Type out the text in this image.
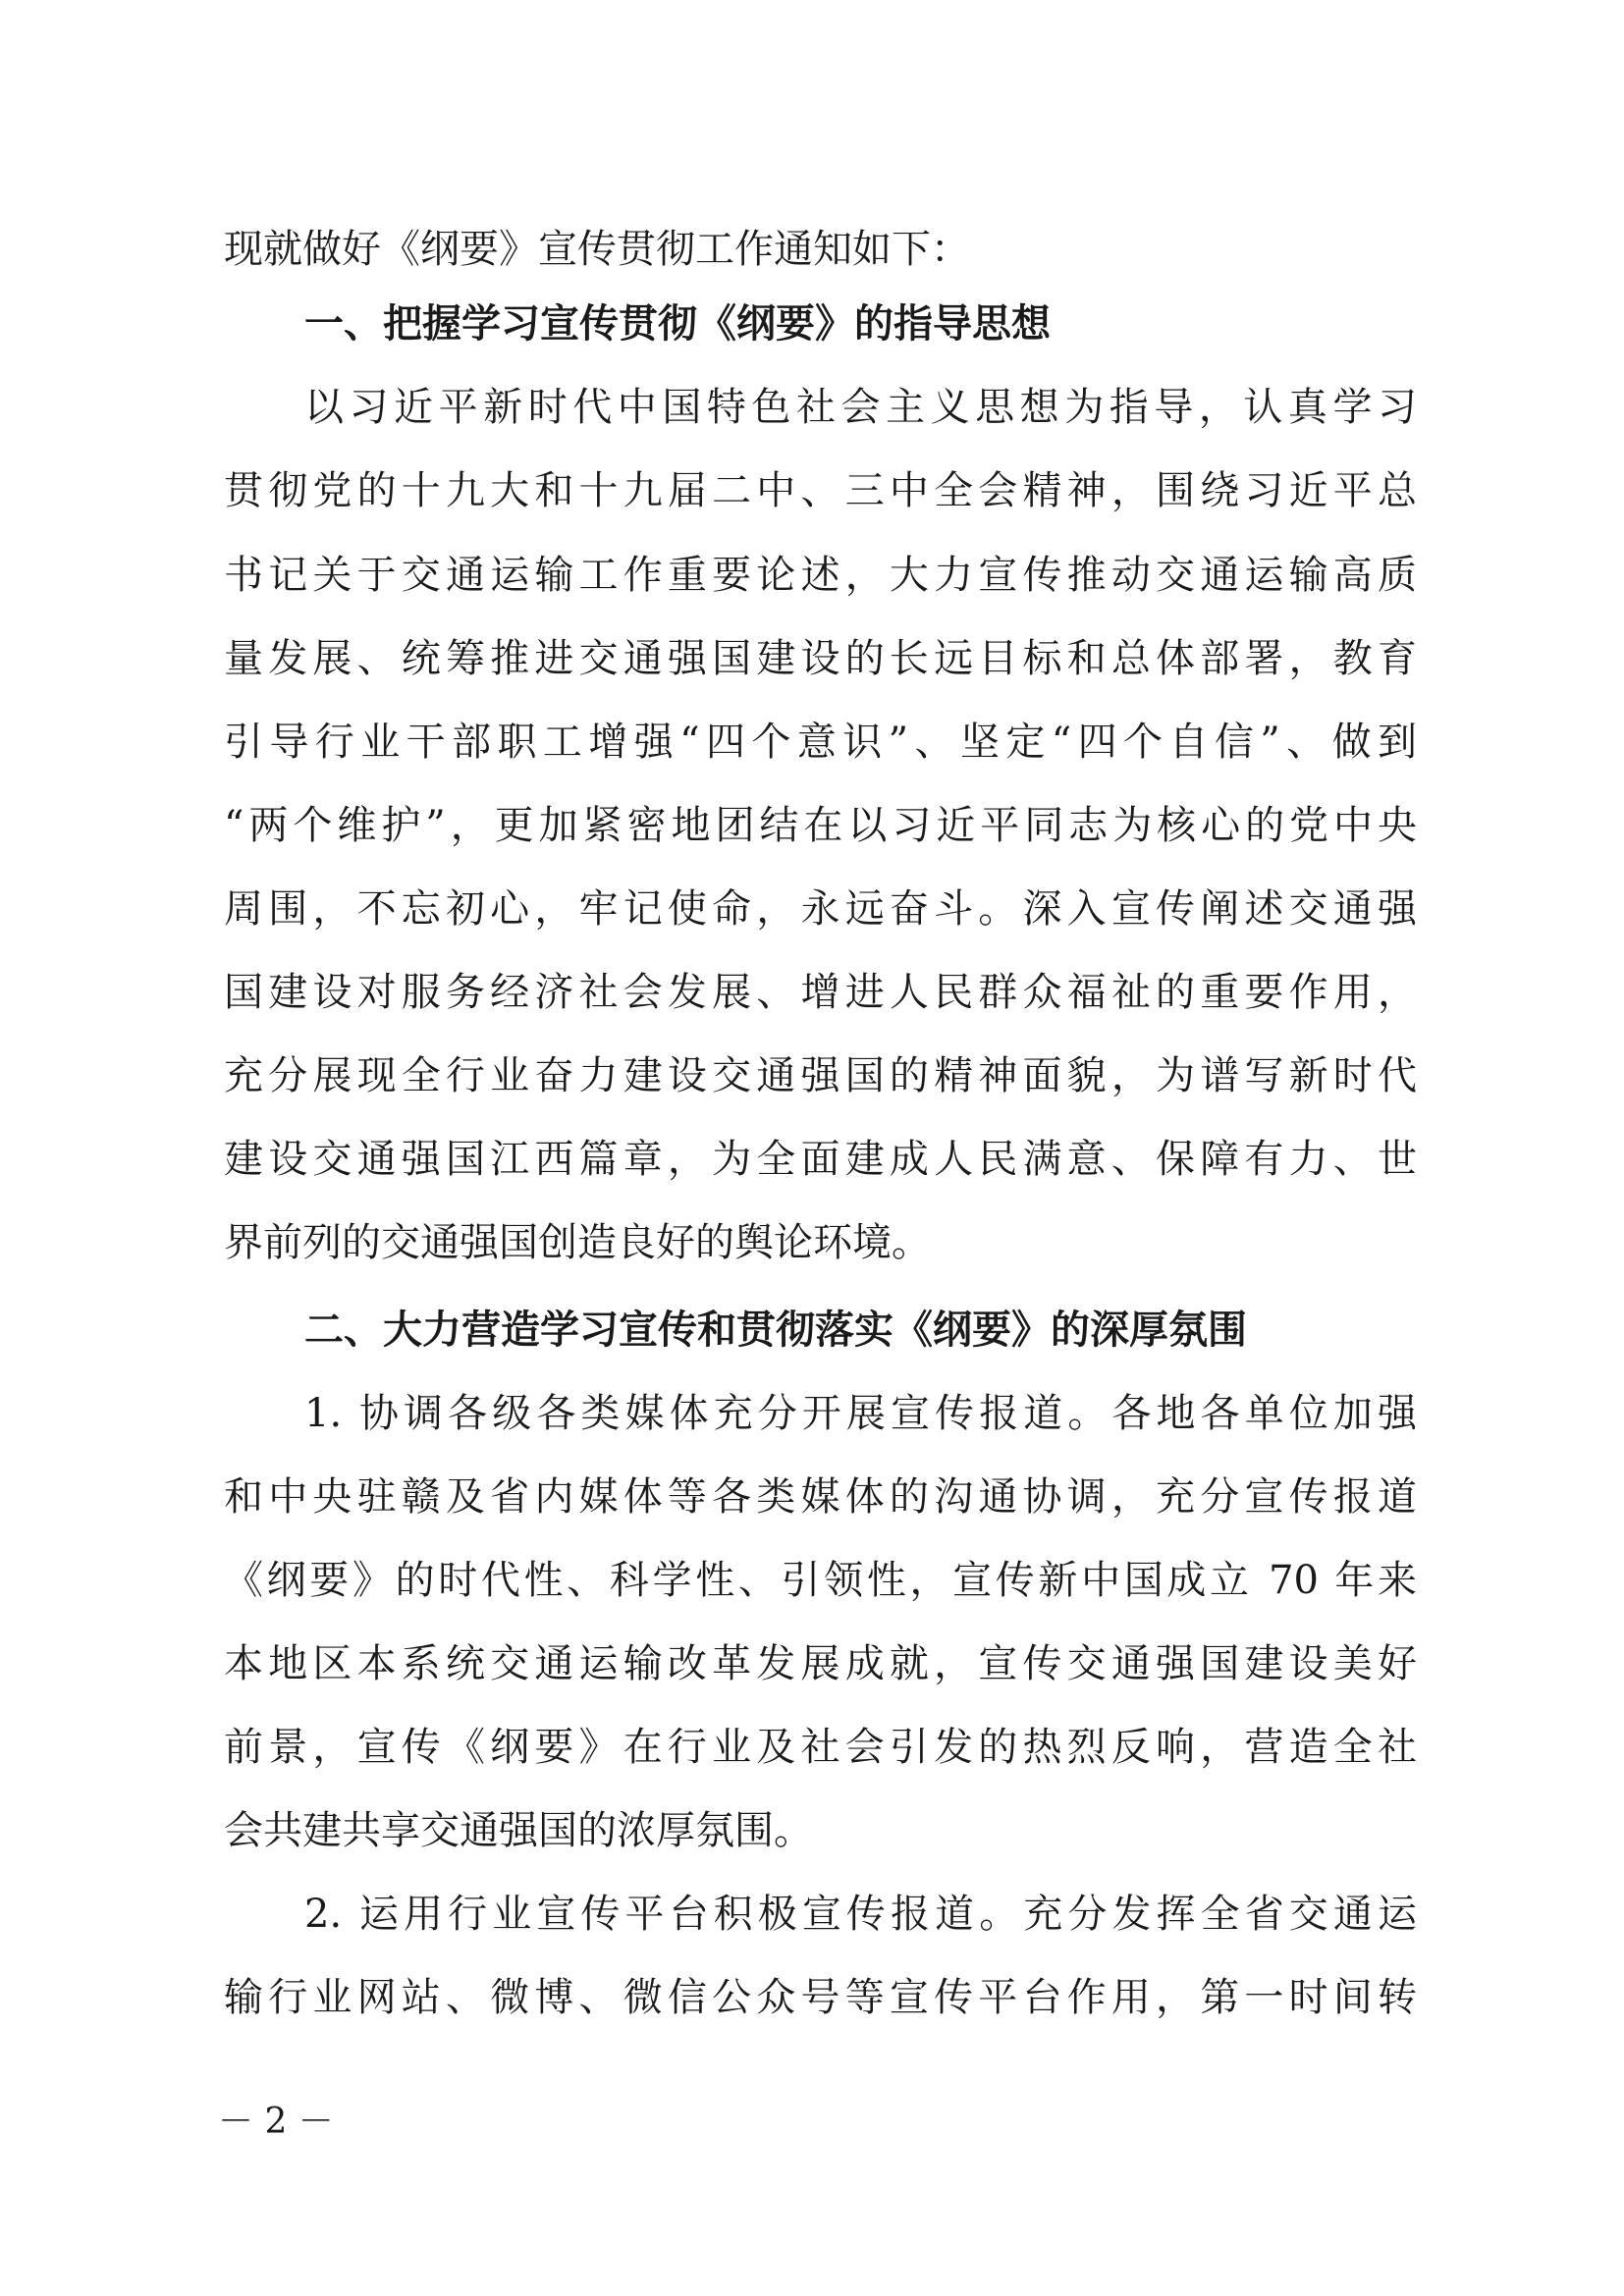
现就做好《纲要》宣传贯彻工作通知如下：
一、把握学习宣传贯彻《纲要》的指导思想
以习近平新时代中国特色社会主义思想为指导，认真学习
贯彻党的十九大和十九届二中、三中全会精神，围绕习近平总
书记关于交通运输工作重要论述，大力宣传推动交通运输高质
量发展、统筹推进交通强国建设的长远目标和总体部署，教育
引导行业干部职工增强“四个意识”、坚定“四个自信”、做到
“两个维护”，更加紧密地团结在以习近平同志为核心的党中央
周围，不忘初心，牢记使命，永远奋斗。深入宣传阐述交通强
国建设对服务经济社会发展、增进人民群众福祉的重要作用，
充分展现全行业奋力建设交通强国的精神面貌，为谱写新时代
建设交通强国江西篇章，为全面建成人民满意、保障有力、世
界前列的交通强国创造良好的舆论环境。
二、大力营造学习宣传和贯彻落实《纲要》的深厚氛围
1. 协调各级各类媒体充分开展宣传报道。各地各单位加强
和中央驻赣及省内媒体等各类媒体的沟通协调，充分宣传报道
《纲要》的时代性、科学性、引领性，宣传新中国成立 70 年来
本地区本系统交通运输改革发展成就，宣传交通强国建设美好
前景，宣传《纲要》在行业及社会引发的热烈反响，营造全社
会共建共享交通强国的浓厚氛围。
2. 运用行业宣传平台积极宣传报道。充分发挥全省交通运
输行业网站、微博、微信公众号等宣传平台作用，第一时间转
－ 2 －
